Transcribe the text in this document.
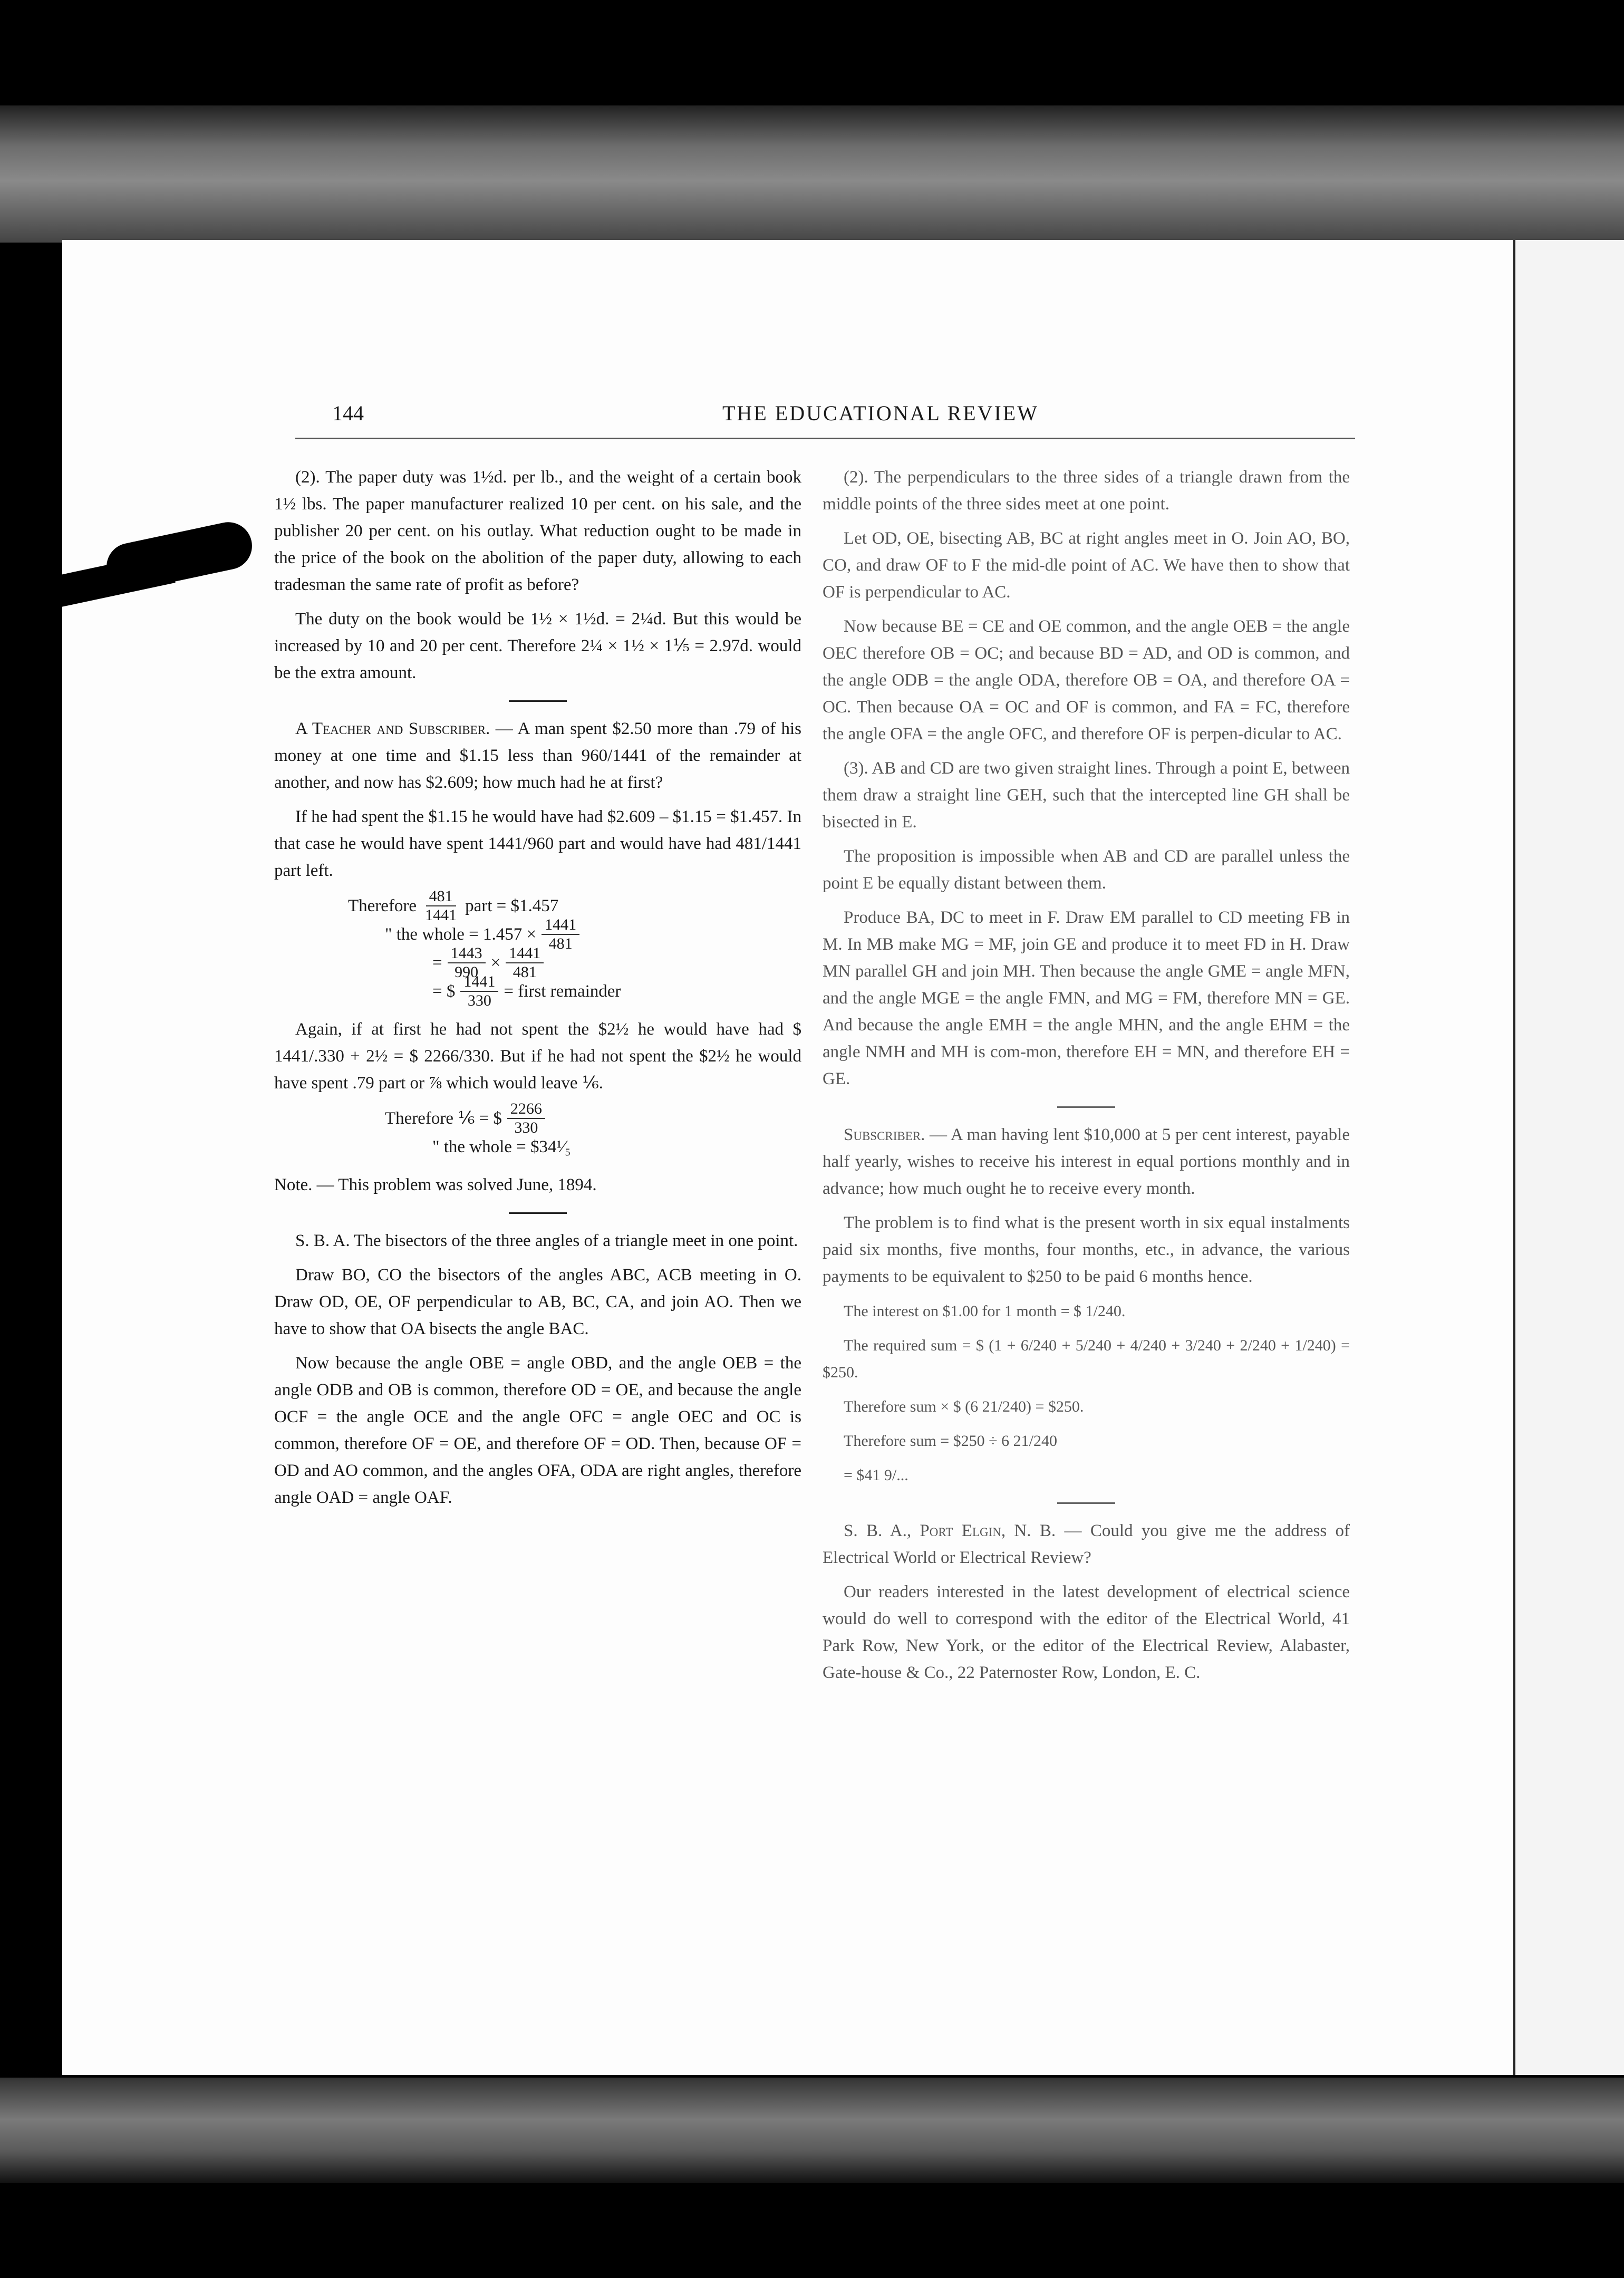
144	THE EDUCATIONAL REVIEW

(2). The paper duty was 1½d. per lb., and the weight of a certain book 1½ lbs. The paper manufacturer realized 10 per cent. on his sale, and the publisher 20 per cent. on his outlay. What reduction ought to be made in the price of the book on the abolition of the paper duty, allowing to each tradesman the same rate of profit as before?

The duty on the book would be 1½ × 1½d. = 2¼d. But this would be increased by 10 and 20 per cent. Therefore 2¼ × 1½ × 1⅕ = 2.97d. would be the extra amount.

A Teacher and Subscriber. — A man spent $2.50 more than .79 of his money at one time and $1.15 less than 960/1441 of the remainder at another, and now has $2.609; how much had he at first?

If he had spent the $1.15 he would have had $2.609 – $1.15 = $1.457. In that case he would have spent 1441/960 part and would have had 481/1441 part left.

Therefore $\frac{481}{1441}$ part = $1.457
" the whole = $1.457 \times \frac{1441}{481}$
= $\frac{1443}{990} \times \frac{1441}{481}$
= $ $\frac{1441}{330}$ = first remainder

Again, if at first he had not spent the $2½ he would have had $ 1441/.330 + 2½ = $ 2266/330. But if he had not spent the $2½ he would have spent .79 part or ⅞ which would leave ⅙.

Therefore ⅙ = $ $\frac{2266}{330}$
" the whole = $34¹⁄₅

Note. — This problem was solved June, 1894.

S. B. A. The bisectors of the three angles of a triangle meet in one point.

Draw BO, CO the bisectors of the angles ABC, ACB meeting in O. Draw OD, OE, OF perpendicular to AB, BC, CA, and join AO. Then we have to show that OA bisects the angle BAC.

Now because the angle OBE = angle OBD, and the angle OEB = the angle ODB and OB is common, therefore OD = OE, and because the angle OCF = the angle OCE and the angle OFC = angle OEC and OC is common, therefore OF = OE, and therefore OF = OD. Then, because OF = OD and AO common, and the angles OFA, ODA are right angles, therefore angle OAD = angle OAF.

(2). The perpendiculars to the three sides of a triangle drawn from the middle points of the three sides meet at one point.

Let OD, OE, bisecting AB, BC at right angles meet in O. Join AO, BO, CO, and draw OF to F the mid-dle point of AC. We have then to show that OF is perpendicular to AC.

Now because BE = CE and OE common, and the angle OEB = the angle OEC therefore OB = OC; and because BD = AD, and OD is common, and the angle ODB = the angle ODA, therefore OB = OA, and therefore OA = OC. Then because OA = OC and OF is common, and FA = FC, therefore the angle OFA = the angle OFC, and therefore OF is perpen-dicular to AC.

(3). AB and CD are two given straight lines. Through a point E, between them draw a straight line GEH, such that the intercepted line GH shall be bisected in E.

The proposition is impossible when AB and CD are parallel unless the point E be equally distant between them.

Produce BA, DC to meet in F. Draw EM parallel to CD meeting FB in M. In MB make MG = MF, join GE and produce it to meet FD in H. Draw MN parallel GH and join MH. Then because the angle GME = angle MFN, and the angle MGE = the angle FMN, and MG = FM, therefore MN = GE. And because the angle EMH = the angle MHN, and the angle EHM = the angle NMH and MH is com-mon, therefore EH = MN, and therefore EH = GE.

Subscriber. — A man having lent $10,000 at 5 per cent interest, payable half yearly, wishes to receive his interest in equal portions monthly and in advance; how much ought he to receive every month.

The problem is to find what is the present worth in six equal instalments paid six months, five months, four months, etc., in advance, the various payments to be equivalent to $250 to be paid 6 months hence.

The interest on $1.00 for 1 month = $ 1/240.

The required sum = $ (1 + 6/240 + 5/240 + 4/240 + 3/240 + 2/240 + 1/240) = $250.

Therefore sum × $ (6 21/240) = $250.

Therefore sum = $250 ÷ 6 21/240

= $41 9/...

S. B. A., Port Elgin, N. B. — Could you give me the address of Electrical World or Electrical Review?

Our readers interested in the latest development of electrical science would do well to correspond with the editor of the Electrical World, 41 Park Row, New York, or the editor of the Electrical Review, Alabaster, Gate-house & Co., 22 Paternoster Row, London, E. C.
